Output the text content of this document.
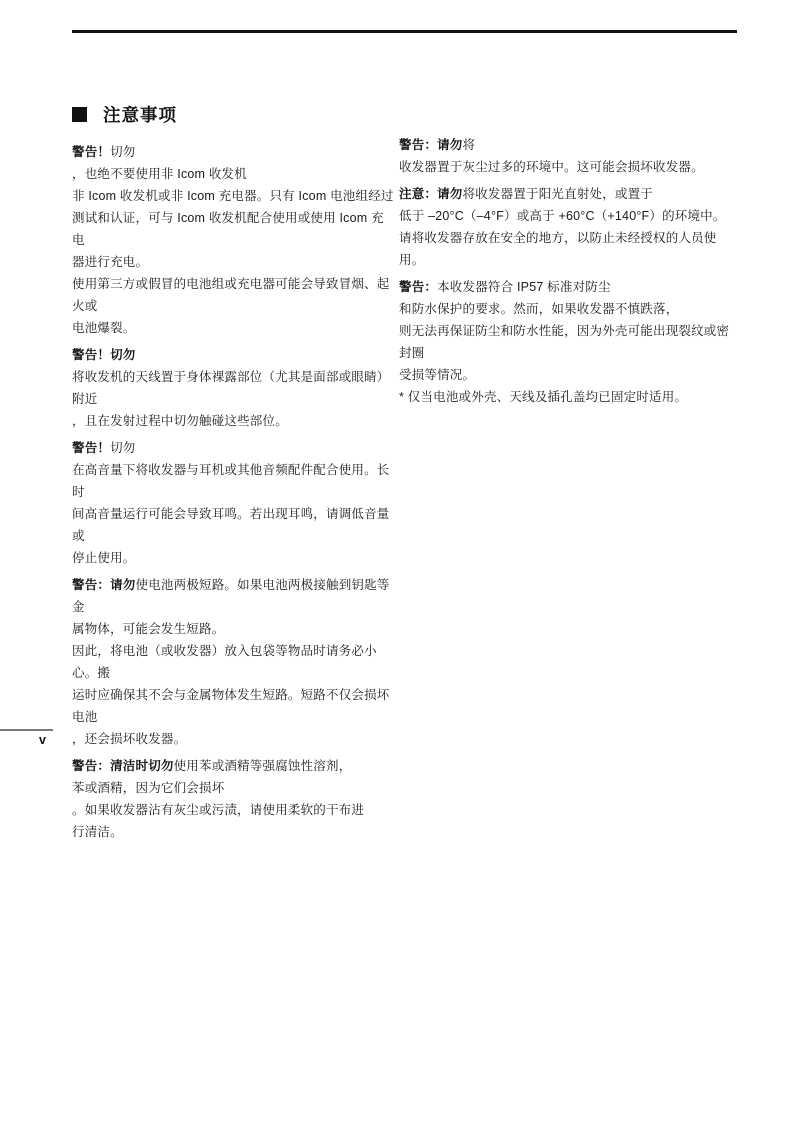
注意事项

警告！切勿
，也绝不要使用非 Icom 收发机
非 Icom 收发机或非 Icom 充电器。只有 Icom 电池组经过
测试和认证，可与 Icom 收发机配合使用或使用 Icom 充电
器进行充电。
使用第三方或假冒的电池组或充电器可能会导致冒烟、起火或
电池爆裂。

警告！切勿
将收发机的天线置于身体裸露部位（尤其是面部或眼睛）附近
，且在发射过程中切勿触碰这些部位。

警告！切勿
在高音量下将收发器与耳机或其他音频配件配合使用。长时
间高音量运行可能会导致耳鸣。若出现耳鸣，请调低音量或
停止使用。

警告：请勿使电池两极短路。如果电池两极接触到钥匙等金
属物体，可能会发生短路。
因此，将电池（或收发器）放入包袋等物品时请务必小心。搬
运时应确保其不会与金属物体发生短路。短路不仅会损坏电池
，还会损坏收发器。

警告：清洁时切勿使用苯或酒精等强腐蚀性溶剂，
苯或酒精，因为它们会损坏
。如果收发器沾有灰尘或污渍，请使用柔软的干布进
行清洁。

警告：请勿将
收发器置于灰尘过多的环境中。这可能会损坏收发器。

注意：请勿将收发器置于阳光直射处，或置于
低于 –20°C（–4°F）或高于 +60°C（+140°F）的环境中。
请将收发器存放在安全的地方，以防止未经授权的人员使
用。

警告：本收发器符合 IP57 标准对防尘
和防水保护的要求。然而，如果收发器不慎跌落，
则无法再保证防尘和防水性能，因为外壳可能出现裂纹或密封圈
受损等情况。
* 仅当电池或外壳、天线及插孔盖均已固定时适用。

v
